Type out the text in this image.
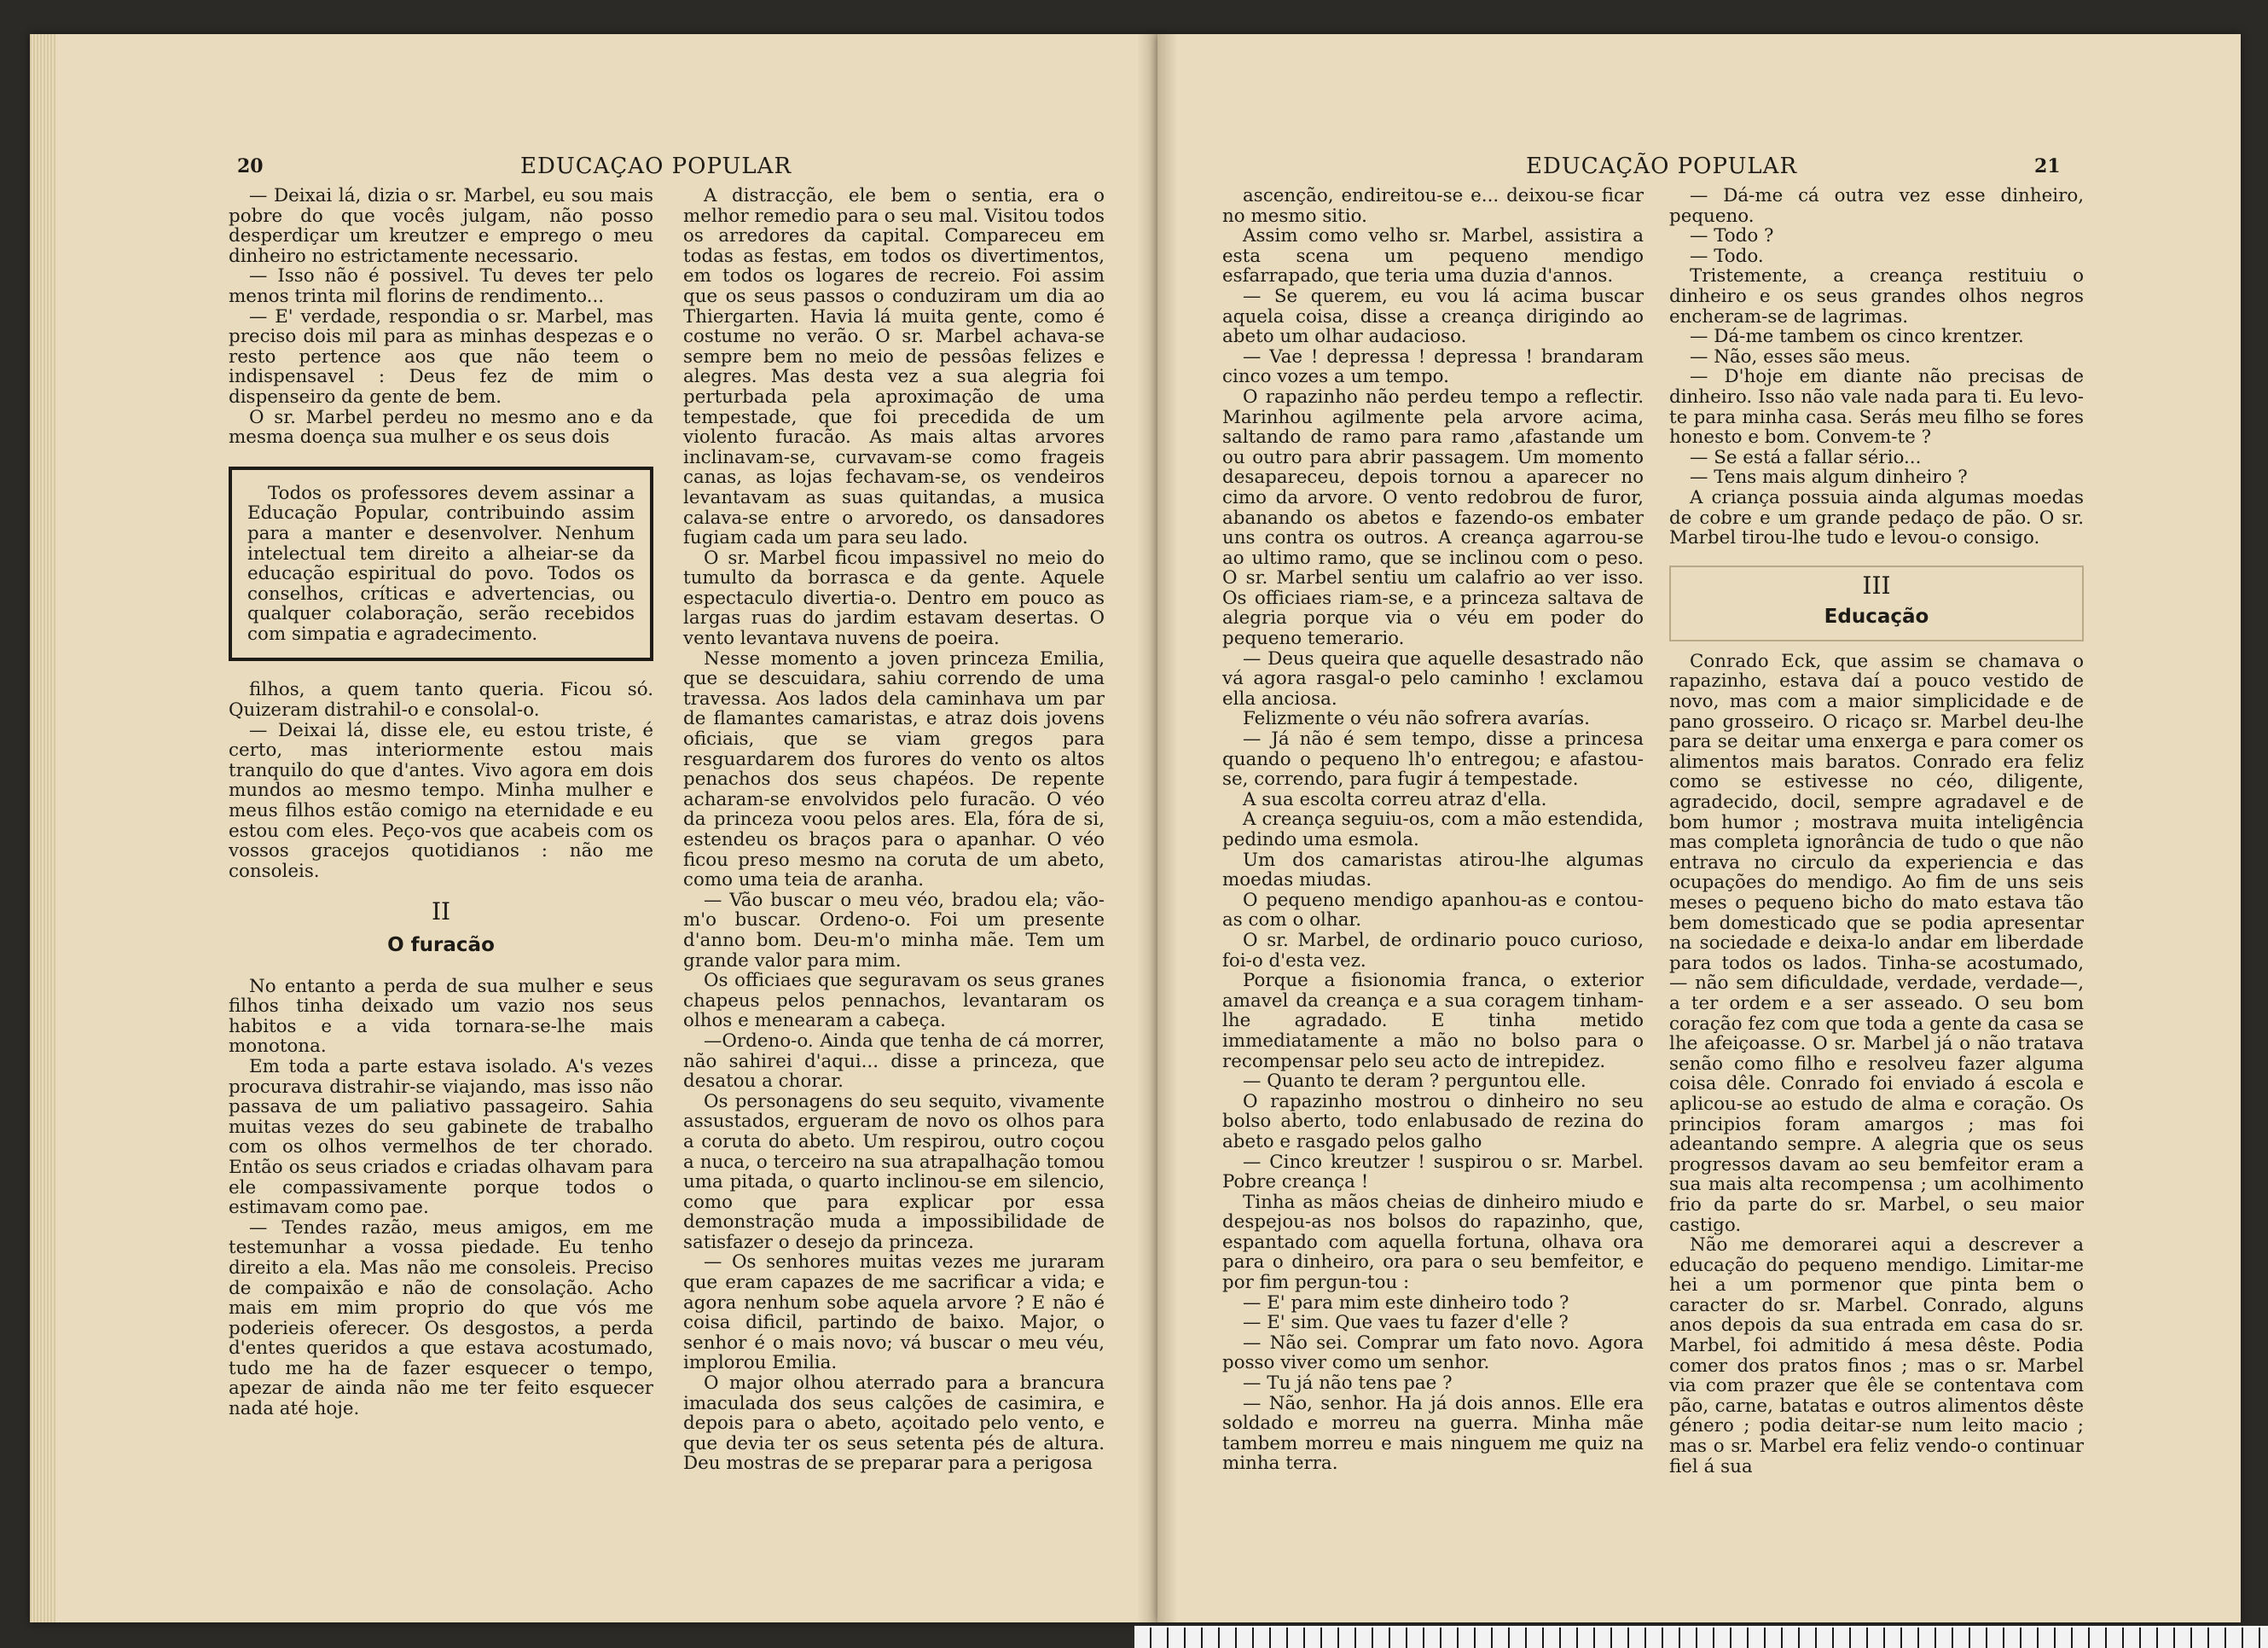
20	EDUCAÇAO POPULAR

— Deixai lá, dizia o sr. Marbel, eu sou mais pobre do que vocês julgam, não posso desperdiçar um kreutzer e emprego o meu dinheiro no estrictamente necessario.

— Isso não é possivel. Tu deves ter pelo menos trinta mil florins de rendimento...

— E' verdade, respondia o sr. Marbel, mas preciso dois mil para as minhas despezas e o resto pertence aos que não teem o indispensavel : Deus fez de mim o dispenseiro da gente de bem.

O sr. Marbel perdeu no mesmo ano e da mesma doença sua mulher e os seus dois

Todos os professores devem assinar a Educação Popular, contribuindo assim para a manter e desenvolver. Nenhum intelectual tem direito a alheiar-se da educação espiritual do povo. Todos os conselhos, críticas e advertencias, ou qualquer colaboração, serão recebidos com simpatia e agradecimento.

filhos, a quem tanto queria. Ficou só. Quizeram distrahil-o e consolal-o.

— Deixai lá, disse ele, eu estou triste, é certo, mas interiormente estou mais tranquilo do que d'antes. Vivo agora em dois mundos ao mesmo tempo. Minha mulher e meus filhos estão comigo na eternidade e eu estou com eles. Peço-vos que acabeis com os vossos gracejos quotidianos : não me consoleis.

II
O furacão

No entanto a perda de sua mulher e seus filhos tinha deixado um vazio nos seus habitos e a vida tornara-se-lhe mais monotona.

Em toda a parte estava isolado. A's vezes procurava distrahir-se viajando, mas isso não passava de um paliativo passageiro. Sahia muitas vezes do seu gabinete de trabalho com os olhos vermelhos de ter chorado. Então os seus criados e criadas olhavam para ele compassivamente porque todos o estimavam como pae.

— Tendes razão, meus amigos, em me testemunhar a vossa piedade. Eu tenho direito a ela. Mas não me consoleis. Preciso de compaixão e não de consolação. Acho mais em mim proprio do que vós me poderieis oferecer. Os desgostos, a perda d'entes queridos a que estava acostumado, tudo me ha de fazer esquecer o tempo, apezar de ainda não me ter feito esquecer nada até hoje.

A distracção, ele bem o sentia, era o melhor remedio para o seu mal. Visitou todos os arredores da capital. Compareceu em todas as festas, em todos os divertimentos, em todos os logares de recreio. Foi assim que os seus passos o conduziram um dia ao Thiergarten. Havia lá muita gente, como é costume no verão. O sr. Marbel achava-se sempre bem no meio de pessôas felizes e alegres. Mas desta vez a sua alegria foi perturbada pela aproximação de uma tempestade, que foi precedida de um violento furacão. As mais altas arvores inclinavam-se, curvavam-se como frageis canas, as lojas fechavam-se, os vendeiros levantavam as suas quitandas, a musica calava-se entre o arvoredo, os dansadores fugiam cada um para seu lado.

O sr. Marbel ficou impassivel no meio do tumulto da borrasca e da gente. Aquele espectaculo divertia-o. Dentro em pouco as largas ruas do jardim estavam desertas. O vento levantava nuvens de poeira.

Nesse momento a joven princeza Emilia, que se descuidara, sahiu correndo de uma travessa. Aos lados dela caminhava um par de flamantes camaristas, e atraz dois jovens oficiais, que se viam gregos para resguardarem dos furores do vento os altos penachos dos seus chapéos. De repente acharam-se envolvidos pelo furacão. O véo da princeza voou pelos ares. Ela, fóra de si, estendeu os braços para o apanhar. O véo ficou preso mesmo na coruta de um abeto, como uma teia de aranha.

— Vão buscar o meu véo, bradou ela; vão-m'o buscar. Ordeno-o. Foi um presente d'anno bom. Deu-m'o minha mãe. Tem um grande valor para mim.

Os officiaes que seguravam os seus granes chapeus pelos pennachos, levantaram os olhos e menearam a cabeça.

—Ordeno-o. Ainda que tenha de cá morrer, não sahirei d'aqui... disse a princeza, que desatou a chorar.

Os personagens do seu sequito, vivamente assustados, ergueram de novo os olhos para a coruta do abeto. Um respirou, outro coçou a nuca, o terceiro na sua atrapalhação tomou uma pitada, o quarto inclinou-se em silencio, como que para explicar por essa demonstração muda a impossibilidade de satisfazer o desejo da princeza.

— Os senhores muitas vezes me juraram que eram capazes de me sacrificar a vida; e agora nenhum sobe aquela arvore ? E não é coisa dificil, partindo de baixo. Major, o senhor é o mais novo; vá buscar o meu véu, implorou Emilia.

O major olhou aterrado para a brancura imaculada dos seus calções de casimira, e depois para o abeto, açoitado pelo vento, e que devia ter os seus setenta pés de altura. Deu mostras de se preparar para a perigosa

EDUCAÇÃO POPULAR	21

ascenção, endireitou-se e... deixou-se ficar no mesmo sitio.

Assim como velho sr. Marbel, assistira a esta scena um pequeno mendigo esfarrapado, que teria uma duzia d'annos.

— Se querem, eu vou lá acima buscar aquela coisa, disse a creança dirigindo ao abeto um olhar audacioso.

— Vae ! depressa ! depressa ! brandaram cinco vozes a um tempo.

O rapazinho não perdeu tempo a reflectir. Marinhou agilmente pela arvore acima, saltando de ramo para ramo ,afastande um ou outro para abrir passagem. Um momento desapareceu, depois tornou a aparecer no cimo da arvore. O vento redobrou de furor, abanando os abetos e fazendo-os embater uns contra os outros. A creança agarrou-se ao ultimo ramo, que se inclinou com o peso. O sr. Marbel sentiu um calafrio ao ver isso. Os officiaes riam-se, e a princeza saltava de alegria porque via o véu em poder do pequeno temerario.

— Deus queira que aquelle desastrado não vá agora rasgal-o pelo caminho ! exclamou ella anciosa.

Felizmente o véu não sofrera avarías.

— Já não é sem tempo, disse a princesa quando o pequeno lh'o entregou; e afastou-se, correndo, para fugir á tempestade.

A sua escolta correu atraz d'ella.

A creança seguiu-os, com a mão estendida, pedindo uma esmola.

Um dos camaristas atirou-lhe algumas moedas miudas.

O pequeno mendigo apanhou-as e contou-as com o olhar.

O sr. Marbel, de ordinario pouco curioso, foi-o d'esta vez.

Porque a fisionomia franca, o exterior amavel da creança e a sua coragem tinham-lhe agradado. E tinha metido immediatamente a mão no bolso para o recompensar pelo seu acto de intrepidez.

— Quanto te deram ? perguntou elle.

O rapazinho mostrou o dinheiro no seu bolso aberto, todo enlabusado de rezina do abeto e rasgado pelos galho

— Cinco kreutzer ! suspirou o sr. Marbel. Pobre creança !

Tinha as mãos cheias de dinheiro miudo e despejou-as nos bolsos do rapazinho, que, espantado com aquella fortuna, olhava ora para o dinheiro, ora para o seu bemfeitor, e por fim pergun-tou :

— E' para mim este dinheiro todo ?

— E' sim. Que vaes tu fazer d'elle ?

— Não sei. Comprar um fato novo. Agora posso viver como um senhor.

— Tu já não tens pae ?

— Não, senhor. Ha já dois annos. Elle era soldado e morreu na guerra. Minha mãe tambem morreu e mais ninguem me quiz na minha terra.

— Dá-me cá outra vez esse dinheiro, pequeno.

— Todo ?

— Todo.

Tristemente, a creança restituiu o dinheiro e os seus grandes olhos negros encheram-se de lagrimas.

— Dá-me tambem os cinco krentzer.

— Não, esses são meus.

— D'hoje em diante não precisas de dinheiro. Isso não vale nada para ti. Eu levo-te para minha casa. Serás meu filho se fores honesto e bom. Convem-te ?

— Se está a fallar sério...

— Tens mais algum dinheiro ?

A criança possuia ainda algumas moedas de cobre e um grande pedaço de pão. O sr. Marbel tirou-lhe tudo e levou-o consigo.

III
Educação

Conrado Eck, que assim se chamava o rapazinho, estava daí a pouco vestido de novo, mas com a maior simplicidade e de pano grosseiro. O ricaço sr. Marbel deu-lhe para se deitar uma enxerga e para comer os alimentos mais baratos. Conrado era feliz como se estivesse no céo, diligente, agradecido, docil, sempre agradavel e de bom humor ; mostrava muita inteligência mas completa ignorância de tudo o que não entrava no circulo da experiencia e das ocupações do mendigo. Ao fim de uns seis meses o pequeno bicho do mato estava tão bem domesticado que se podia apresentar na sociedade e deixa-lo andar em liberdade para todos os lados. Tinha-se acostumado, — não sem dificuldade, verdade, verdade—, a ter ordem e a ser asseado. O seu bom coração fez com que toda a gente da casa se lhe afeiçoasse. O sr. Marbel já o não tratava senão como filho e resolveu fazer alguma coisa dêle. Conrado foi enviado á escola e aplicou-se ao estudo de alma e coração. Os principios foram amargos ; mas foi adeantando sempre. A alegria que os seus progressos davam ao seu bemfeitor eram a sua mais alta recompensa ; um acolhimento frio da parte do sr. Marbel, o seu maior castigo.

Não me demorarei aqui a descrever a educação do pequeno mendigo. Limitar-me hei a um pormenor que pinta bem o caracter do sr. Marbel. Conrado, alguns anos depois da sua entrada em casa do sr. Marbel, foi admitido á mesa dêste. Podia comer dos pratos finos ; mas o sr. Marbel via com prazer que êle se contentava com pão, carne, batatas e outros alimentos dêste género ; podia deitar-se num leito macio ; mas o sr. Marbel era feliz vendo-o continuar fiel á sua
